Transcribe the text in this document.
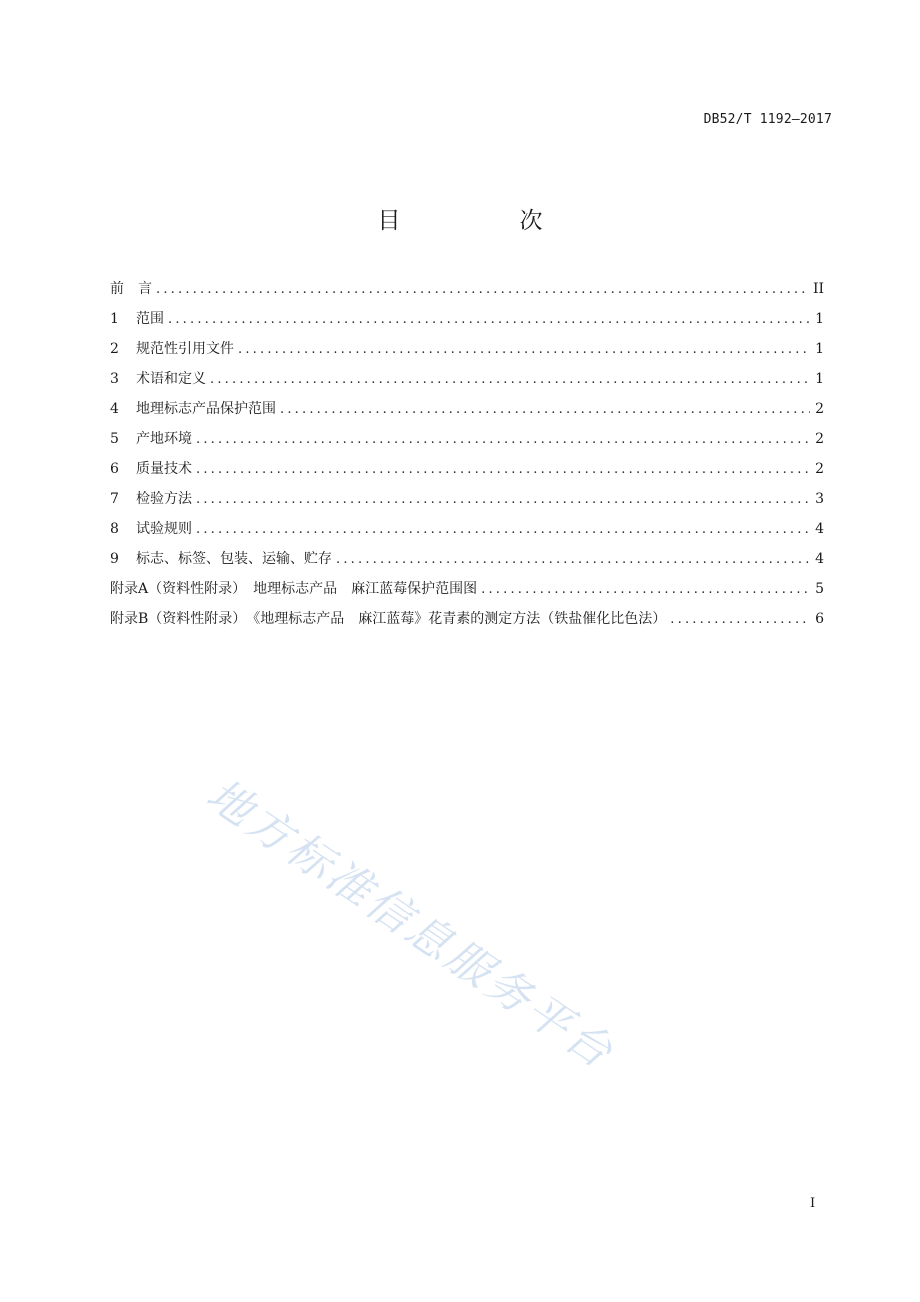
DB52/T 1192—2017
目　次
前　言 .....	II
1 范围 .....	1
2 规范性引用文件 .....	1
3 术语和定义 .....	1
4 地理标志产品保护范围 .....	2
5 产地环境 .....	2
6 质量技术 .....	2
7 检验方法 .....	3
8 试验规则 .....	4
9 标志、标签、包装、运输、贮存 .....	4
附录A（资料性附录）　地理标志产品　麻江蓝莓保护范围图 .....	5
附录B（资料性附录）　《地理标志产品　麻江蓝莓》花青素的测定方法（铁盐催化比色法） .....	6
地方标准信息服务平台
I
